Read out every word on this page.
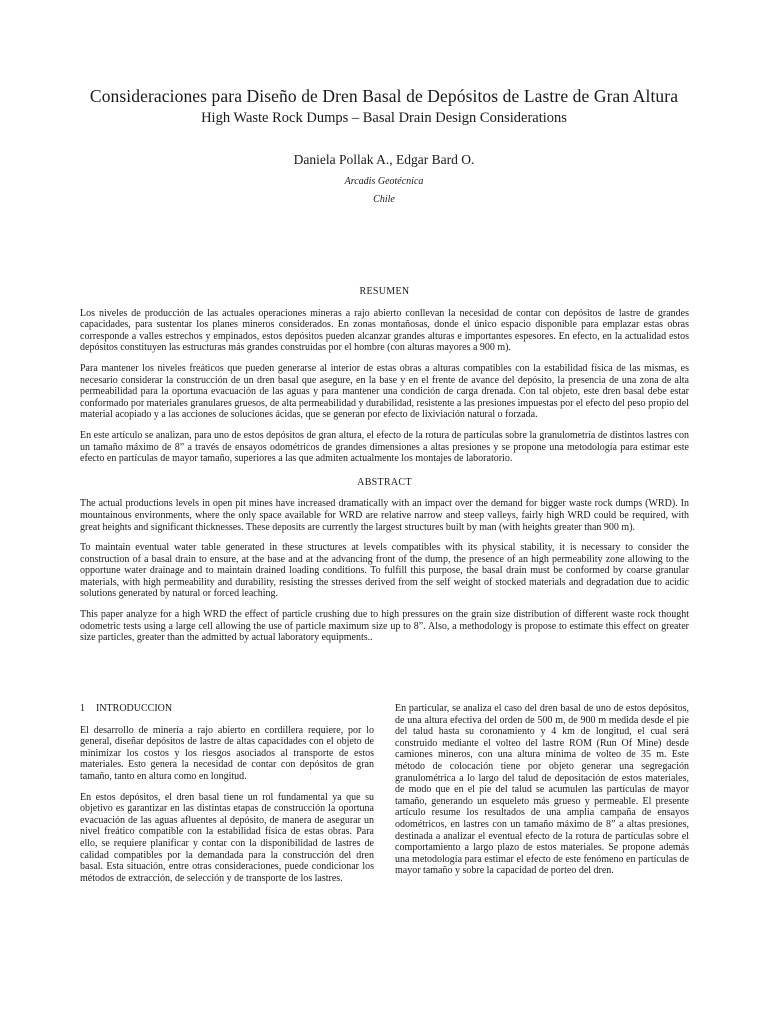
Consideraciones para Diseño de Dren Basal de Depósitos de Lastre de Gran Altura
High Waste Rock Dumps – Basal Drain Design Considerations
Daniela Pollak A., Edgar Bard O.
Arcadis Geotécnica
Chile
RESUMEN

Los niveles de producción de las actuales operaciones mineras a rajo abierto conllevan la necesidad de contar con depósitos de lastre de grandes capacidades, para sustentar los planes mineros considerados. En zonas montañosas, donde el único espacio disponible para emplazar estas obras corresponde a valles estrechos y empinados, estos depósitos pueden alcanzar grandes alturas e importantes espesores. En efecto, en la actualidad estos depósitos constituyen las estructuras más grandes construidas por el hombre (con alturas mayores a 900 m).

Para mantener los niveles freáticos que pueden generarse al interior de estas obras a alturas compatibles con la estabilidad física de las mismas, es necesario considerar la construcción de un dren basal que asegure, en la base y en el frente de avance del depósito, la presencia de una zona de alta permeabilidad para la oportuna evacuación de las aguas y para mantener una condición de carga drenada. Con tal objeto, este dren basal debe estar conformado por materiales granulares gruesos, de alta permeabilidad y durabilidad, resistente a las presiones impuestas por el efecto del peso propio del material acopiado y a las acciones de soluciones ácidas, que se generan por efecto de lixiviación natural o forzada.

En este artículo se analizan, para uno de estos depósitos de gran altura, el efecto de la rotura de partículas sobre la granulometría de distintos lastres con un tamaño máximo de 8” a través de ensayos odométricos de grandes dimensiones a altas presiones y se propone una metodología para estimar este efecto en partículas de mayor tamaño, superiores a las que admiten actualmente los montajes de laboratorio.

ABSTRACT

The actual productions levels in open pit mines have increased dramatically with an impact over the demand for bigger waste rock dumps (WRD). In mountainous environments, where the only space available for WRD are relative narrow and steep valleys, fairly high WRD could be required, with great heights and significant thicknesses. These deposits are currently the largest structures built by man (with heights greater than 900 m).

To maintain eventual water table generated in these structures at levels compatibles with its physical stability, it is necessary to consider the construction of a basal drain to ensure, at the base and at the advancing front of the dump, the presence of an high permeability zone allowing to the opportune water drainage and to maintain drained loading conditions. To fulfill this purpose, the basal drain must be conformed by coarse granular materials, with high permeability and durability, resisting the stresses derived from the self weight of stocked materials and degradation due to acidic solutions generated by natural or forced leaching.

This paper analyze for a high WRD the effect of particle crushing due to high pressures on the grain size distribution of different waste rock thought odometric tests using a large cell allowing the use of particle maximum size up to 8”. Also, a methodology is propose to estimate this effect on greater size particles, greater than the admitted by actual laboratory equipments..

1 INTRODUCCION

El desarrollo de minería a rajo abierto en cordillera requiere, por lo general, diseñar depósitos de lastre de altas capacidades con el objeto de minimizar los costos y los riesgos asociados al transporte de estos materiales. Esto genera la necesidad de contar con depósitos de gran tamaño, tanto en altura como en longitud.

En estos depósitos, el dren basal tiene un rol fundamental ya que su objetivo es garantizar en las distintas etapas de construcción la oportuna evacuación de las aguas afluentes al depósito, de manera de asegurar un nivel freático compatible con la estabilidad física de estas obras. Para ello, se requiere planificar y contar con la disponibilidad de lastres de calidad compatibles por la demandada para la construcción del dren basal. Esta situación, entre otras consideraciones, puede condicionar los métodos de extracción, de selección y de transporte de los lastres.

En particular, se analiza el caso del dren basal de uno de estos depósitos, de una altura efectiva del orden de 500 m, de 900 m medida desde el pie del talud hasta su coronamiento y 4 km de longitud, el cual será construido mediante el volteo del lastre ROM (Run Of Mine) desde camiones mineros, con una altura mínima de volteo de 35 m. Este método de colocación tiene por objeto generar una segregación granulométrica a lo largo del talud de depositación de estos materiales, de modo que en el pie del talud se acumulen las partículas de mayor tamaño, generando un esqueleto más grueso y permeable. El presente artículo resume los resultados de una amplia campaña de ensayos odométricos, en lastres con un tamaño máximo de 8” a altas presiones, destinada a analizar el eventual efecto de la rotura de partículas sobre el comportamiento a largo plazo de estos materiales. Se propone además una metodología para estimar el efecto de este fenómeno en partículas de mayor tamaño y sobre la capacidad de porteo del dren.
